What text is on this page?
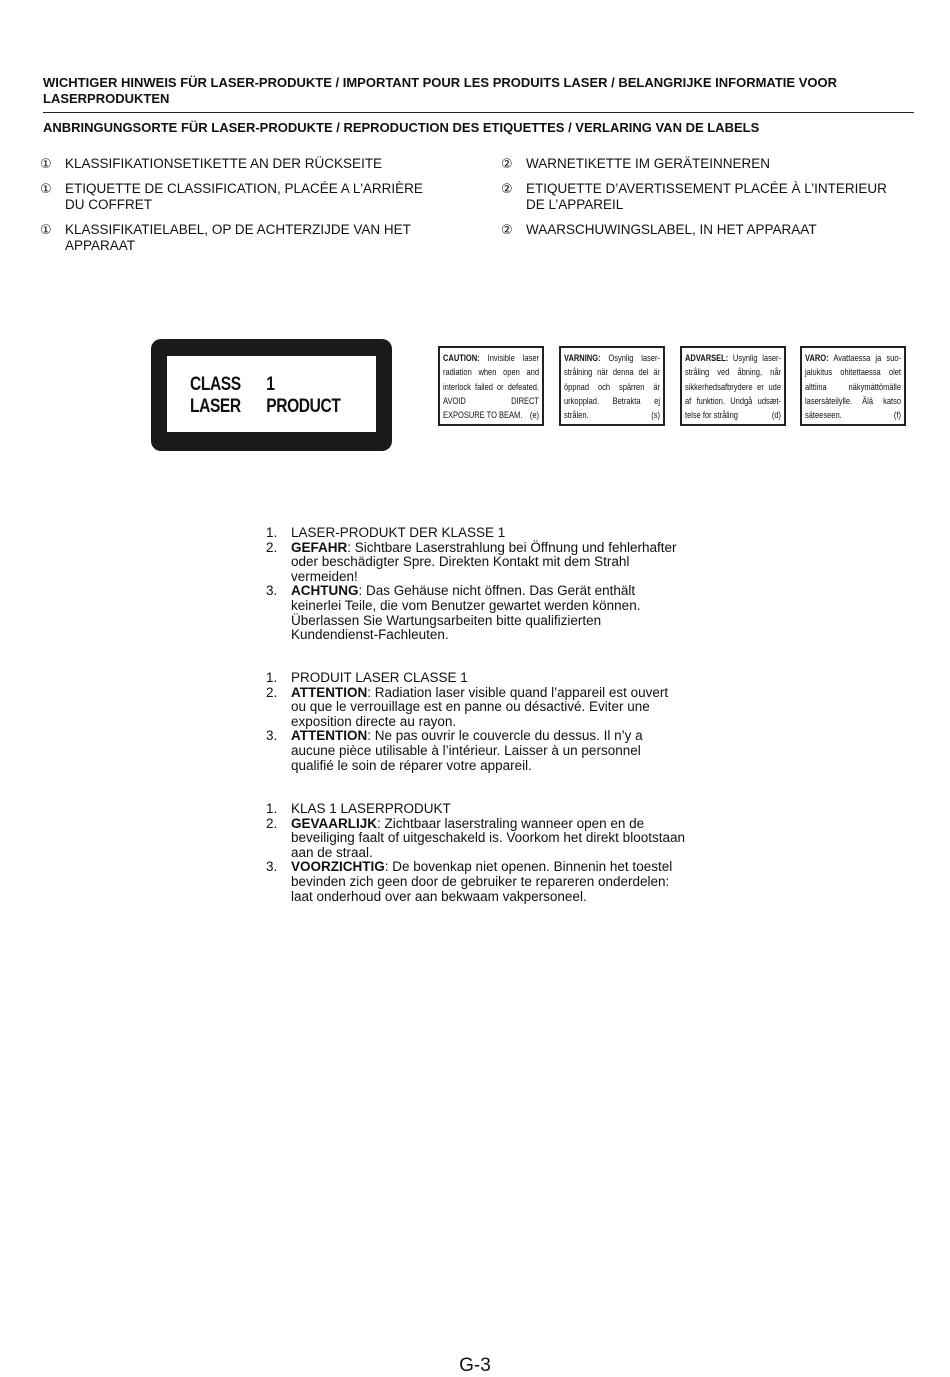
WICHTIGER HINWEIS FÜR LASER-PRODUKTE / IMPORTANT POUR LES PRODUITS LASER / BELANGRIJKE INFORMATIE VOOR LASERPRODUKTEN
ANBRINGUNGSORTE FÜR LASER-PRODUKTE / REPRODUCTION DES ETIQUETTES / VERLARING VAN DE LABELS
① KLASSIFIKATIONSETIKETTE AN DER RÜCKSEITE
① ETIQUETTE DE CLASSIFICATION, PLACÉE A L'ARRIÈRE DU COFFRET
① KLASSIFIKATIELABEL, OP DE ACHTERZIJDE VAN HET APPARAAT
② WARNETIKETTE IM GERÄTEINNEREN
② ETIQUETTE D’AVERTISSEMENT PLACÉE À L’INTERIEUR DE L’APPAREIL
② WAARSCHUWINGSLABEL, IN HET APPARAAT
CLASS 1
LASER PRODUCT
CAUTION: Invisible laser radiation when open and interlock failed or defeated. AVOID DIRECT EXPOSURE TO BEAM. (e)
VARNING: Osynlig laser-strålning när denna del är öppnad och spärren är urkopplad. Betrakta ej strålen.	(s)
ADVARSEL: Usynlig laser-stråling ved åbning, når sikkerhedsafbrydere er ude af funktion. Undgå udsæt-telse for stråling	(d)
VARO: Avattaessa ja suo-jalukitus ohitettaessa olet alttiina näkymättömälle lasersäteilylle. Älä katso säteeseen.	(f)
1. LASER-PRODUKT DER KLASSE 1
2. GEFAHR: Sichtbare Laserstrahlung bei Öffnung und fehlerhafter oder beschädigter Spre. Direkten Kontakt mit dem Strahl vermeiden!
3. ACHTUNG: Das Gehäuse nicht öffnen. Das Gerät enthält keinerlei Teile, die vom Benutzer gewartet werden können. Überlassen Sie Wartungsarbeiten bitte qualifizierten Kundendienst-Fachleuten.
1. PRODUIT LASER CLASSE 1
2. ATTENTION: Radiation laser visible quand l’appareil est ouvert ou que le verrouillage est en panne ou désactivé. Eviter une exposition directe au rayon.
3. ATTENTION: Ne pas ouvrir le couvercle du dessus. Il n’y a aucune pièce utilisable à l’intérieur. Laisser à un personnel qualifié le soin de réparer votre appareil.
1. KLAS 1 LASERPRODUKT
2. GEVAARLIJK: Zichtbaar laserstraling wanneer open en de beveiliging faalt of uitgeschakeld is. Voorkom het direkt blootstaan aan de straal.
3. VOORZICHTIG: De bovenkap niet openen. Binnenin het toestel bevinden zich geen door de gebruiker te repareren onderdelen: laat onderhoud over aan bekwaam vakpersoneel.
G-3
